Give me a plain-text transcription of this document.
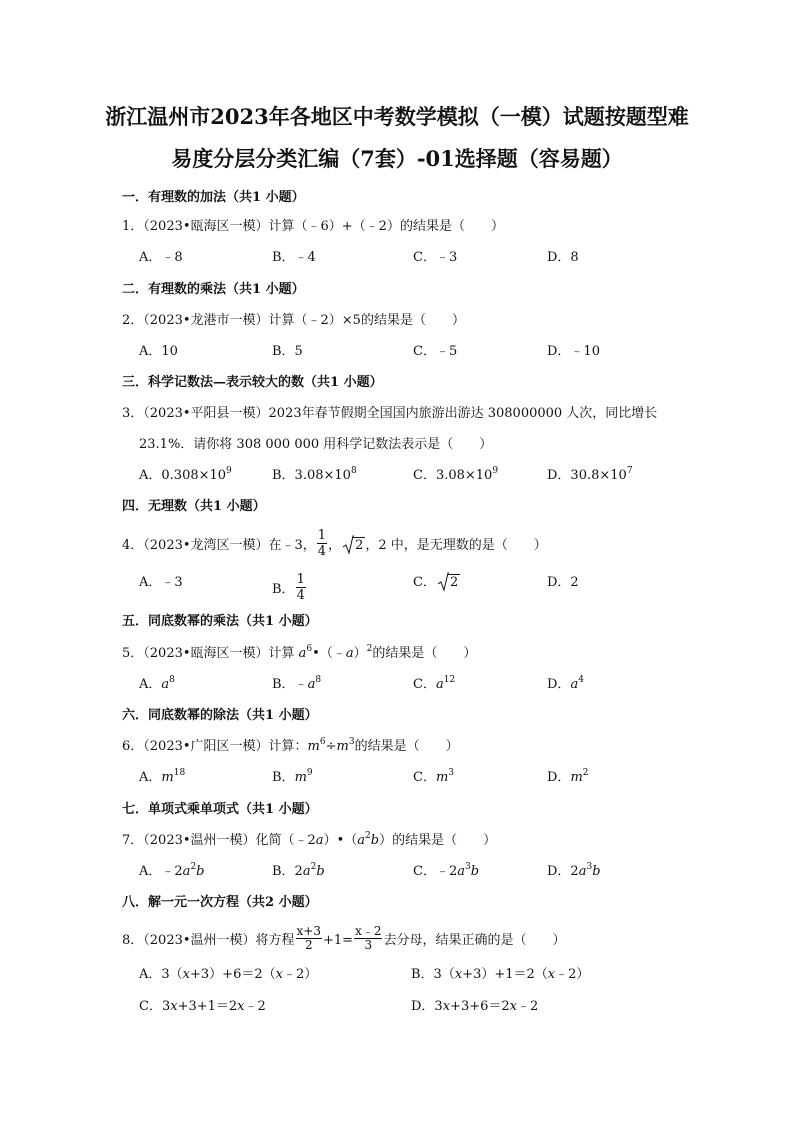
浙江温州市2023年各地区中考数学模拟（一模）试题按题型难
易度分层分类汇编（7套）-01选择题（容易题）
一．有理数的加法（共1 小题）
1．（2023•瓯海区一模）计算（﹣6）+（﹣2）的结果是（　　）
A．﹣8	B．﹣4	C．﹣3	D．8
二．有理数的乘法（共1 小题）
2．（2023•龙港市一模）计算（﹣2）×5的结果是（　　）
A．10	B．5	C．﹣5	D．﹣10
三．科学记数法—表示较大的数（共1 小题）
3．（2023•平阳县一模）2023年春节假期全国国内旅游出游达 308000000 人次，同比增长
23.1%．请你将 308 000 000 用科学记数法表示是（　　）
A．$0.308\times 10^9$	B．$3.08\times 10^8$	C．$3.08\times 10^9$	D．$30.8\times 10^7$
四．无理数（共1 小题）
4．（2023•龙湾区一模）在﹣3， $\frac{1}{4}$ ， 2 ，2 中，是无理数的是（　　）
A．﹣3	B． $\frac{1}{4}$	C． 2	D．2
五．同底数幂的乘法（共1 小题）
5．（2023•瓯海区一模）计算 $a^6•(﹣a)^2$的结果是（　　）
A．$a^8$	B．$﹣a^8$	C．$a^{12}$	D．$a^4$
六．同底数幂的除法（共1 小题）
6．（2023•广阳区一模）计算：$m^6\div m^3$的结果是（　　）
A．$m^{18}$	B．$m^9$	C．$m^3$	D．$m^2$
七．单项式乘单项式（共1 小题）
7．（2023•温州一模）化简$(﹣2a)•(a^2b)$的结果是（　　）
A．$﹣2a^2b$	B．$2a^2b$	C．$﹣2a^3b$	D．$2a^3b$
八．解一元一次方程（共2 小题）
8．（2023•温州一模）将方程 $\frac{x+3}{2} +1= \frac{x﹣2}{3}$ 去分母，结果正确的是（　　）
A．3（x+3）+6＝2（x﹣2）	B．3（x+3）+1＝2（x﹣2）
C．3x+3+1＝2x﹣2	D．3x+3+6＝2x﹣2
